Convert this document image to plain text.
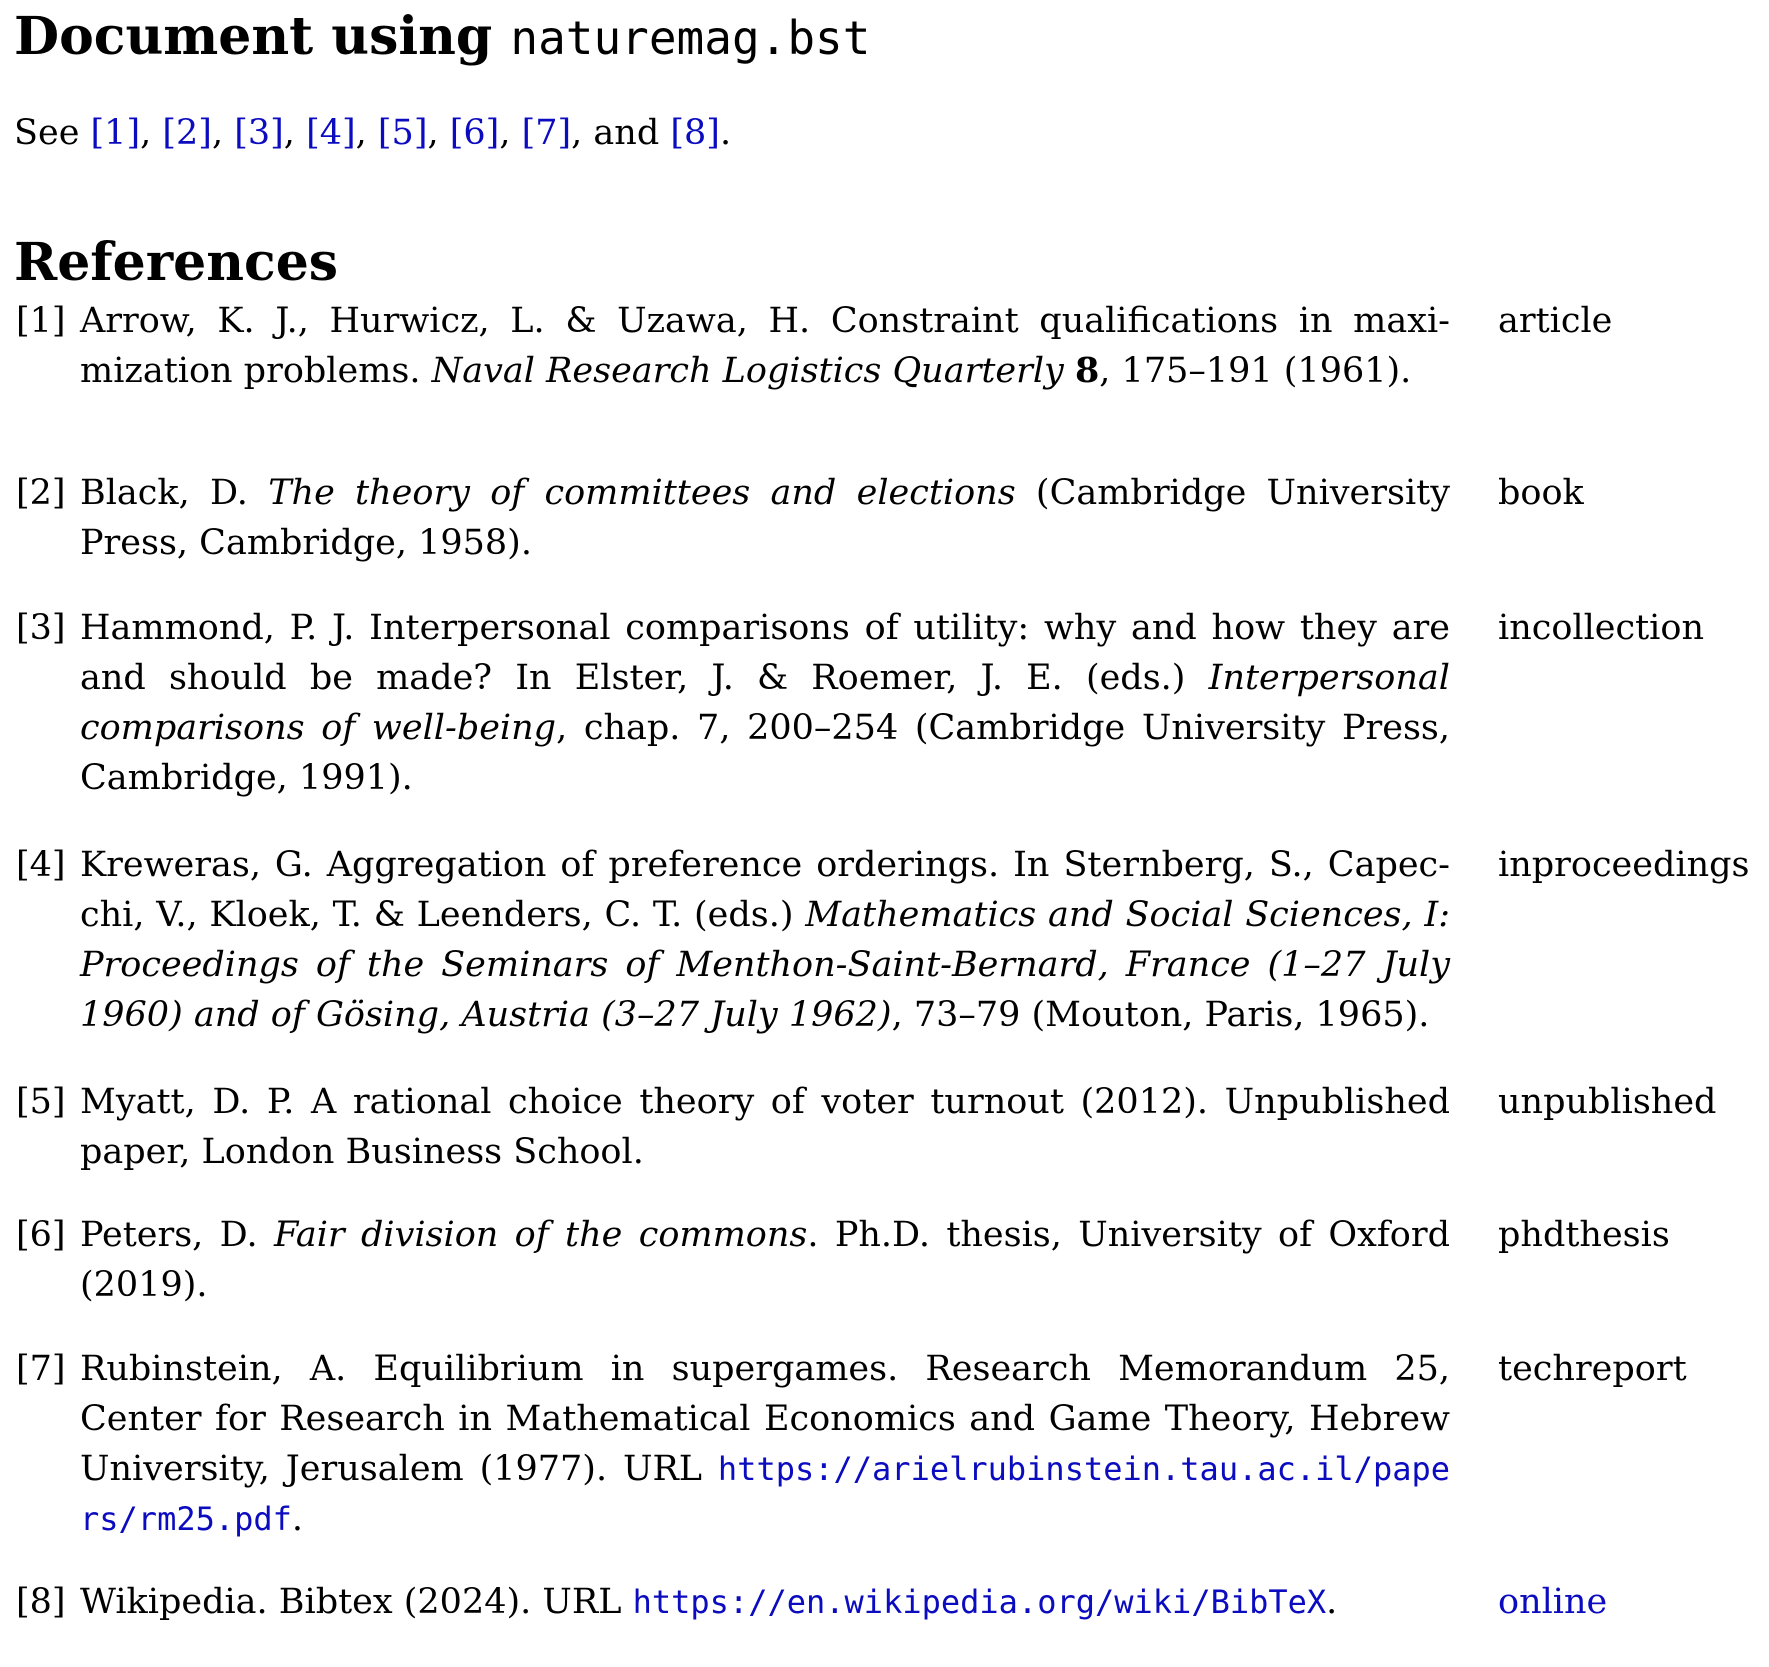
Document using naturemag.bst

See [1], [2], [3], [4], [5], [6], [7], and [8].

References
[1] Arrow, K. J., Hurwicz, L. & Uzawa, H. Constraint qualifications in maximization problems. Naval Research Logistics Quarterly 8, 175–191 (1961).
article
[2] Black, D. The theory of committees and elections (Cambridge University Press, Cambridge, 1958).
book
[3] Hammond, P. J. Interpersonal comparisons of utility: why and how they are and should be made? In Elster, J. & Roemer, J. E. (eds.) Interpersonal comparisons of well-being, chap. 7, 200–254 (Cambridge University Press, Cambridge, 1991).
incollection
[4] Kreweras, G. Aggregation of preference orderings. In Sternberg, S., Capecchi, V., Kloek, T. & Leenders, C. T. (eds.) Mathematics and Social Sciences, I: Proceedings of the Seminars of Menthon-Saint-Bernard, France (1–27 July 1960) and of Gösing, Austria (3–27 July 1962), 73–79 (Mouton, Paris, 1965).
inproceedings
[5] Myatt, D. P. A rational choice theory of voter turnout (2012). Unpublished paper, London Business School.
unpublished
[6] Peters, D. Fair division of the commons. Ph.D. thesis, University of Oxford (2019).
phdthesis
[7] Rubinstein, A. Equilibrium in supergames. Research Memorandum 25, Center for Research in Mathematical Economics and Game Theory, Hebrew University, Jerusalem (1977). URL https://arielrubinstein.tau.ac.il/papers/rm25.pdf.
techreport
[8] Wikipedia. Bibtex (2024). URL https://en.wikipedia.org/wiki/BibTeX.	online
